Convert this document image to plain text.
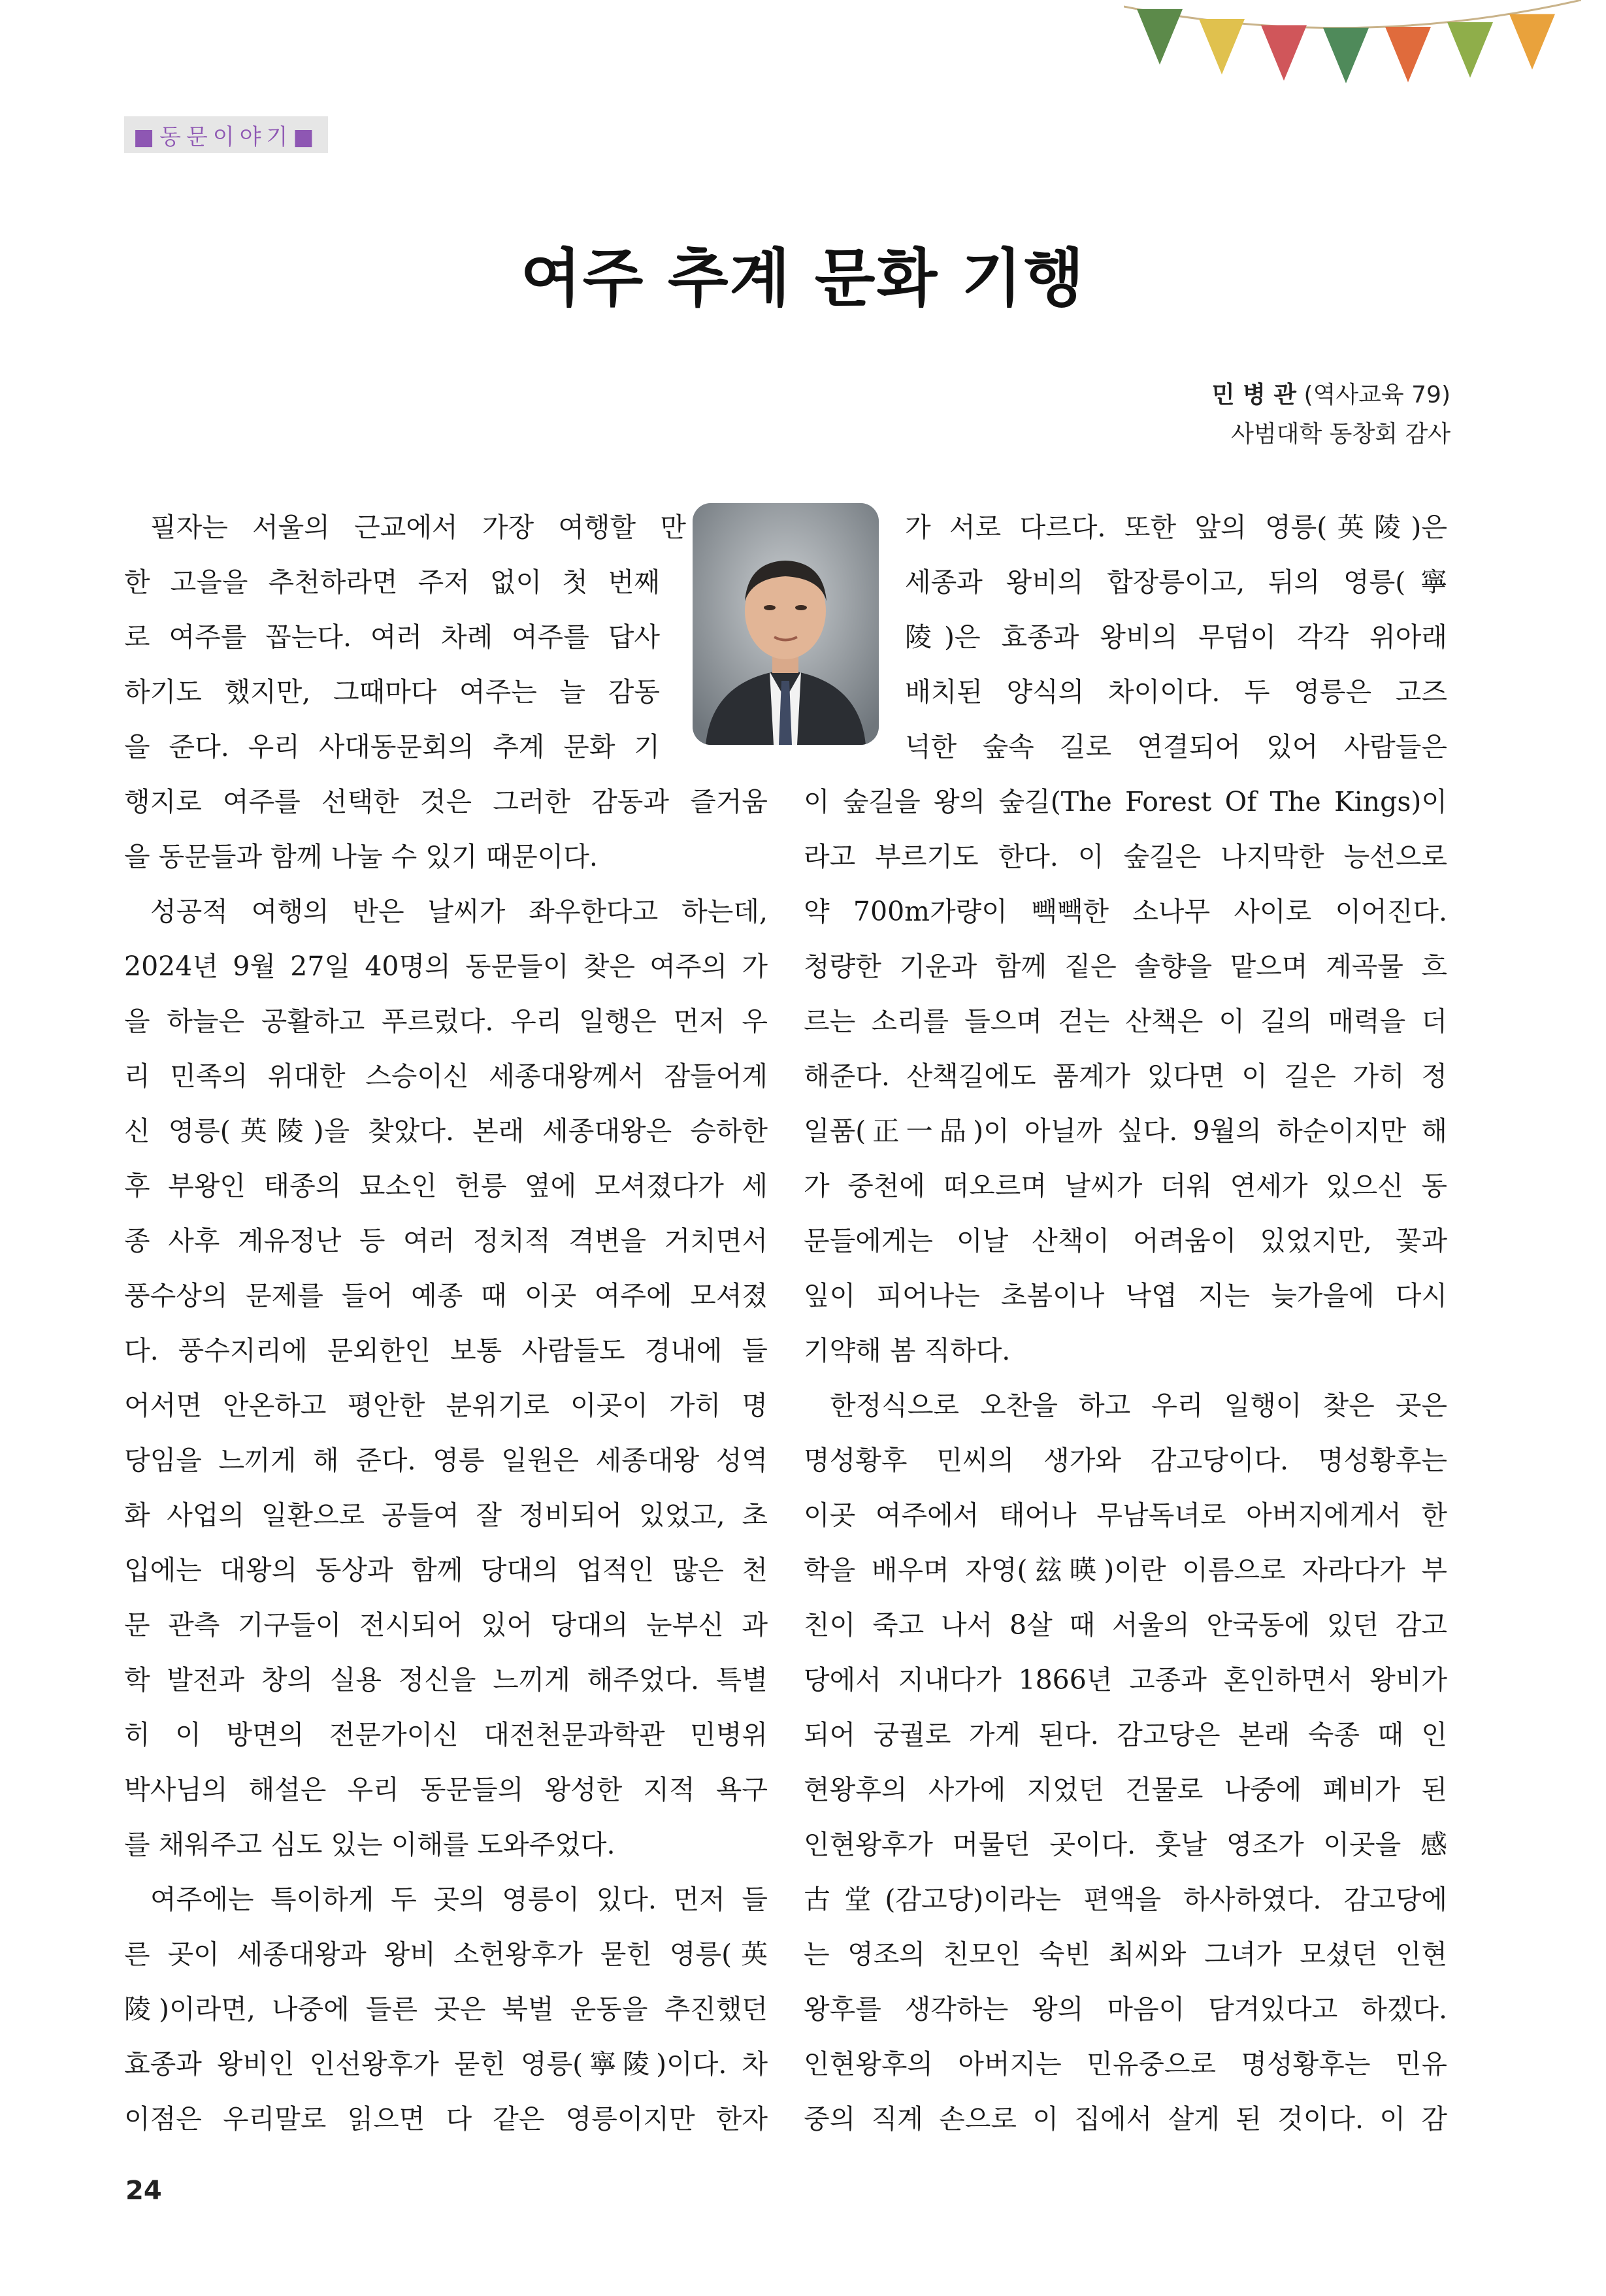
■동문이야기■
여주 추계 문화 기행
민 병 관 (역사교육 79)
사범대학 동창회 감사
필자는 서울의 근교에서 가장 여행할 만
한 고을을 추천하라면 주저 없이 첫 번째
로 여주를 꼽는다. 여러 차례 여주를 답사
하기도 했지만, 그때마다 여주는 늘 감동
을 준다. 우리 사대동문회의 추계 문화 기
행지로 여주를 선택한 것은 그러한 감동과 즐거움
을 동문들과 함께 나눌 수 있기 때문이다.
성공적 여행의 반은 날씨가 좌우한다고 하는데,
2024년 9월 27일 40명의 동문들이 찾은 여주의 가
을 하늘은 공활하고 푸르렀다. 우리 일행은 먼저 우
리 민족의 위대한 스승이신 세종대왕께서 잠들어계
신 영릉(英陵)을 찾았다. 본래 세종대왕은 승하한
후 부왕인 태종의 묘소인 헌릉 옆에 모셔졌다가 세
종 사후 계유정난 등 여러 정치적 격변을 거치면서
풍수상의 문제를 들어 예종 때 이곳 여주에 모셔졌
다. 풍수지리에 문외한인 보통 사람들도 경내에 들
어서면 안온하고 평안한 분위기로 이곳이 가히 명
당임을 느끼게 해 준다. 영릉 일원은 세종대왕 성역
화 사업의 일환으로 공들여 잘 정비되어 있었고, 초
입에는 대왕의 동상과 함께 당대의 업적인 많은 천
문 관측 기구들이 전시되어 있어 당대의 눈부신 과
학 발전과 창의 실용 정신을 느끼게 해주었다. 특별
히 이 방면의 전문가이신 대전천문과학관 민병위
박사님의 해설은 우리 동문들의 왕성한 지적 욕구
를 채워주고 심도 있는 이해를 도와주었다.
여주에는 특이하게 두 곳의 영릉이 있다. 먼저 들
른 곳이 세종대왕과 왕비 소헌왕후가 묻힌 영릉(英
陵)이라면, 나중에 들른 곳은 북벌 운동을 추진했던
효종과 왕비인 인선왕후가 묻힌 영릉(寧陵)이다. 차
이점은 우리말로 읽으면 다 같은 영릉이지만 한자
가 서로 다르다. 또한 앞의 영릉(英陵)은
세종과 왕비의 합장릉이고, 뒤의 영릉(寧
陵)은 효종과 왕비의 무덤이 각각 위아래
배치된 양식의 차이이다. 두 영릉은 고즈
넉한 숲속 길로 연결되어 있어 사람들은
이 숲길을 왕의 숲길(The Forest Of The Kings)이
라고 부르기도 한다. 이 숲길은 나지막한 능선으로
약 700m가량이 빽빽한 소나무 사이로 이어진다.
청량한 기운과 함께 짙은 솔향을 맡으며 계곡물 흐
르는 소리를 들으며 걷는 산책은 이 길의 매력을 더
해준다. 산책길에도 품계가 있다면 이 길은 가히 정
일품(正一品)이 아닐까 싶다. 9월의 하순이지만 해
가 중천에 떠오르며 날씨가 더워 연세가 있으신 동
문들에게는 이날 산책이 어려움이 있었지만, 꽃과
잎이 피어나는 초봄이나 낙엽 지는 늦가을에 다시
기약해 봄 직하다.
한정식으로 오찬을 하고 우리 일행이 찾은 곳은
명성황후 민씨의 생가와 감고당이다. 명성황후는
이곳 여주에서 태어나 무남독녀로 아버지에게서 한
학을 배우며 자영(玆暎)이란 이름으로 자라다가 부
친이 죽고 나서 8살 때 서울의 안국동에 있던 감고
당에서 지내다가 1866년 고종과 혼인하면서 왕비가
되어 궁궐로 가게 된다. 감고당은 본래 숙종 때 인
현왕후의 사가에 지었던 건물로 나중에 폐비가 된
인현왕후가 머물던 곳이다. 훗날 영조가 이곳을 感
古堂(감고당)이라는 편액을 하사하였다. 감고당에
는 영조의 친모인 숙빈 최씨와 그녀가 모셨던 인현
왕후를 생각하는 왕의 마음이 담겨있다고 하겠다.
인현왕후의 아버지는 민유중으로 명성황후는 민유
중의 직계 손으로 이 집에서 살게 된 것이다. 이 감
24
